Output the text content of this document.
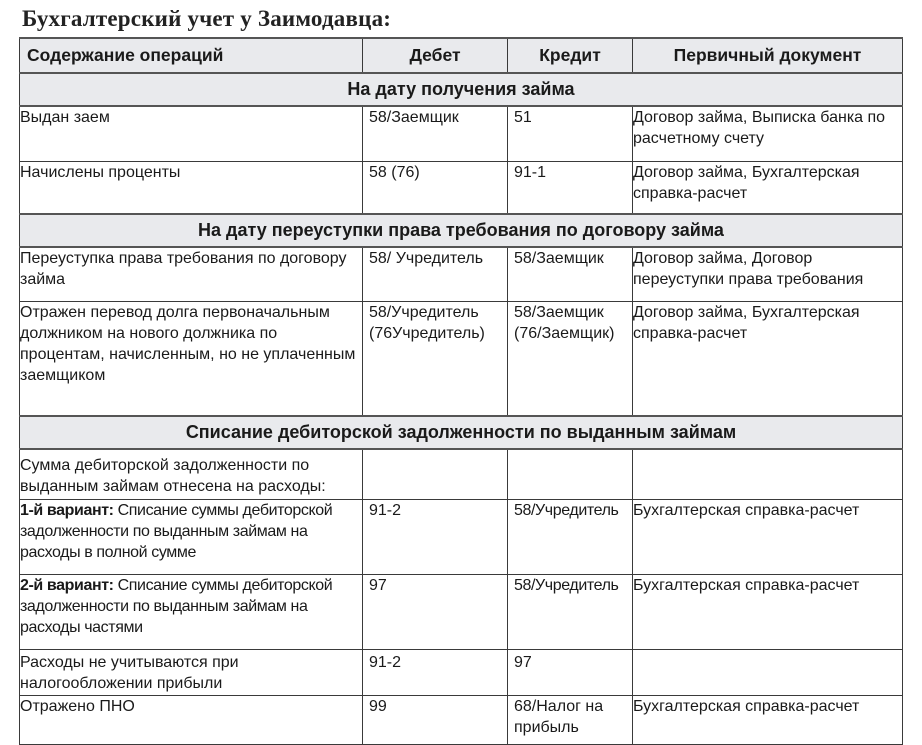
Бухгалтерский учет у Заимодавца:
Содержание операций	Дебет	Кредит	Первичный документ
На дату получения займа			
Выдан заем	58/Заемщик	51	Договор займа, Выписка банка по расчетному счету
Начислены проценты	58 (76)	91-1	Договор займа, Бухгалтерская справка-расчет
На дату переуступки права требования по договору займа			
Переуступка права требования по договору займа	58/ Учредитель	58/Заемщик	Договор займа, Договор переуступки права требования
Отражен перевод долга первоначальным должником на нового должника по процентам, начисленным, но не уплаченным заемщиком	58/Учредитель (76Учредитель)	58/Заемщик (76/Заемщик)	Договор займа, Бухгалтерская справка-расчет
Списание дебиторской задолженности по выданным займам			
Сумма дебиторской задолженности по выданным займам отнесена на расходы:			
1-й вариант: Списание суммы дебиторской задолженности по выданным займам на расходы в полной сумме	91-2	58/Учредитель	Бухгалтерская справка-расчет
2-й вариант: Списание суммы дебиторской задолженности по выданным займам на расходы частями	97	58/Учредитель	Бухгалтерская справка-расчет
Расходы не учитываются при налогообложении прибыли	91-2	97	
Отражено ПНО	99	68/Налог на прибыль	Бухгалтерская справка-расчет
